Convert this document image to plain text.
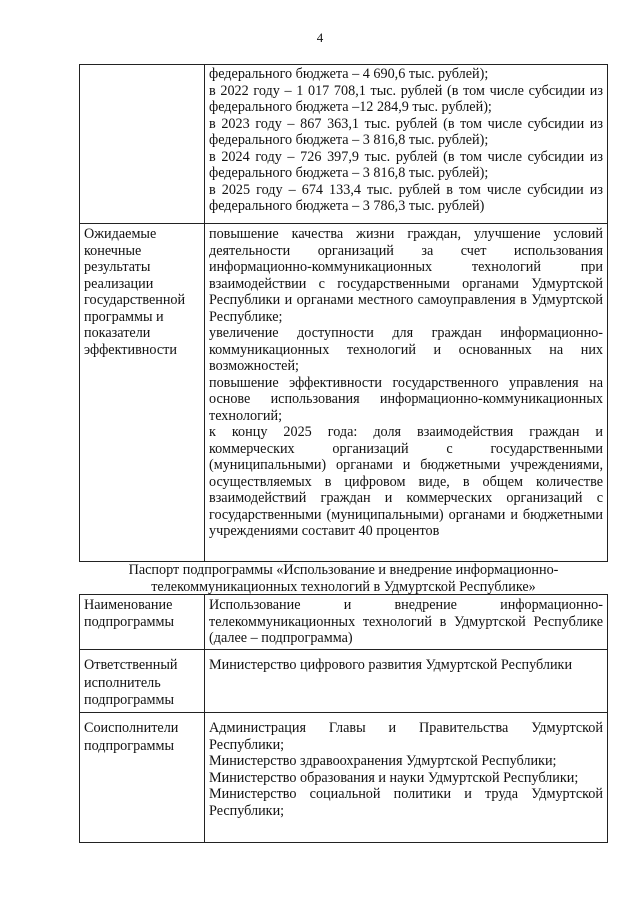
4

	федерального бюджета – 4 690,6 тыс. рублей);
в 2022 году – 1 017 708,1 тыс. рублей (в том числе субсидии из федерального бюджета –12 284,9 тыс. рублей);
в 2023 году – 867 363,1 тыс. рублей (в том числе субсидии из федерального бюджета – 3 816,8 тыс. рублей);
в 2024 году – 726 397,9 тыс. рублей (в том числе субсидии из федерального бюджета – 3 816,8 тыс. рублей);
в 2025 году – 674 133,4 тыс. рублей в том числе субсидии из федерального бюджета – 3 786,3 тыс. рублей)

Ожидаемые конечные результаты реализации государственной программы и показатели эффективности	повышение качества жизни граждан, улучшение условий деятельности организаций за счет использования информационно-коммуникационных технологий при взаимодействии с государственными органами Удмуртской Республики и органами местного самоуправления в Удмуртской Республике;
увеличение доступности для граждан информационно-коммуникационных технологий и основанных на них возможностей;
повышение эффективности государственного управления на основе использования информационно-коммуникационных технологий;
к концу 2025 года: доля взаимодействия граждан и коммерческих организаций с государственными (муниципальными) органами и бюджетными учреждениями, осуществляемых в цифровом виде, в общем количестве взаимодействий граждан и коммерческих организаций с государственными (муниципальными) органами и бюджетными учреждениями составит 40 процентов
Паспорт подпрограммы «Использование и внедрение информационно-телекоммуникационных технологий в Удмуртской Республике»
Наименование подпрограммы	Использование и внедрение информационно-телекоммуникационных технологий в Удмуртской Республике (далее – подпрограмма)

Ответственный исполнитель подпрограммы	Министерство цифрового развития Удмуртской Республики

Соисполнители подпрограммы	Администрация Главы и Правительства Удмуртской Республики;
Министерство здравоохранения Удмуртской Республики;
Министерство образования и науки Удмуртской Республики;
Министерство социальной политики и труда Удмуртской Республики;
